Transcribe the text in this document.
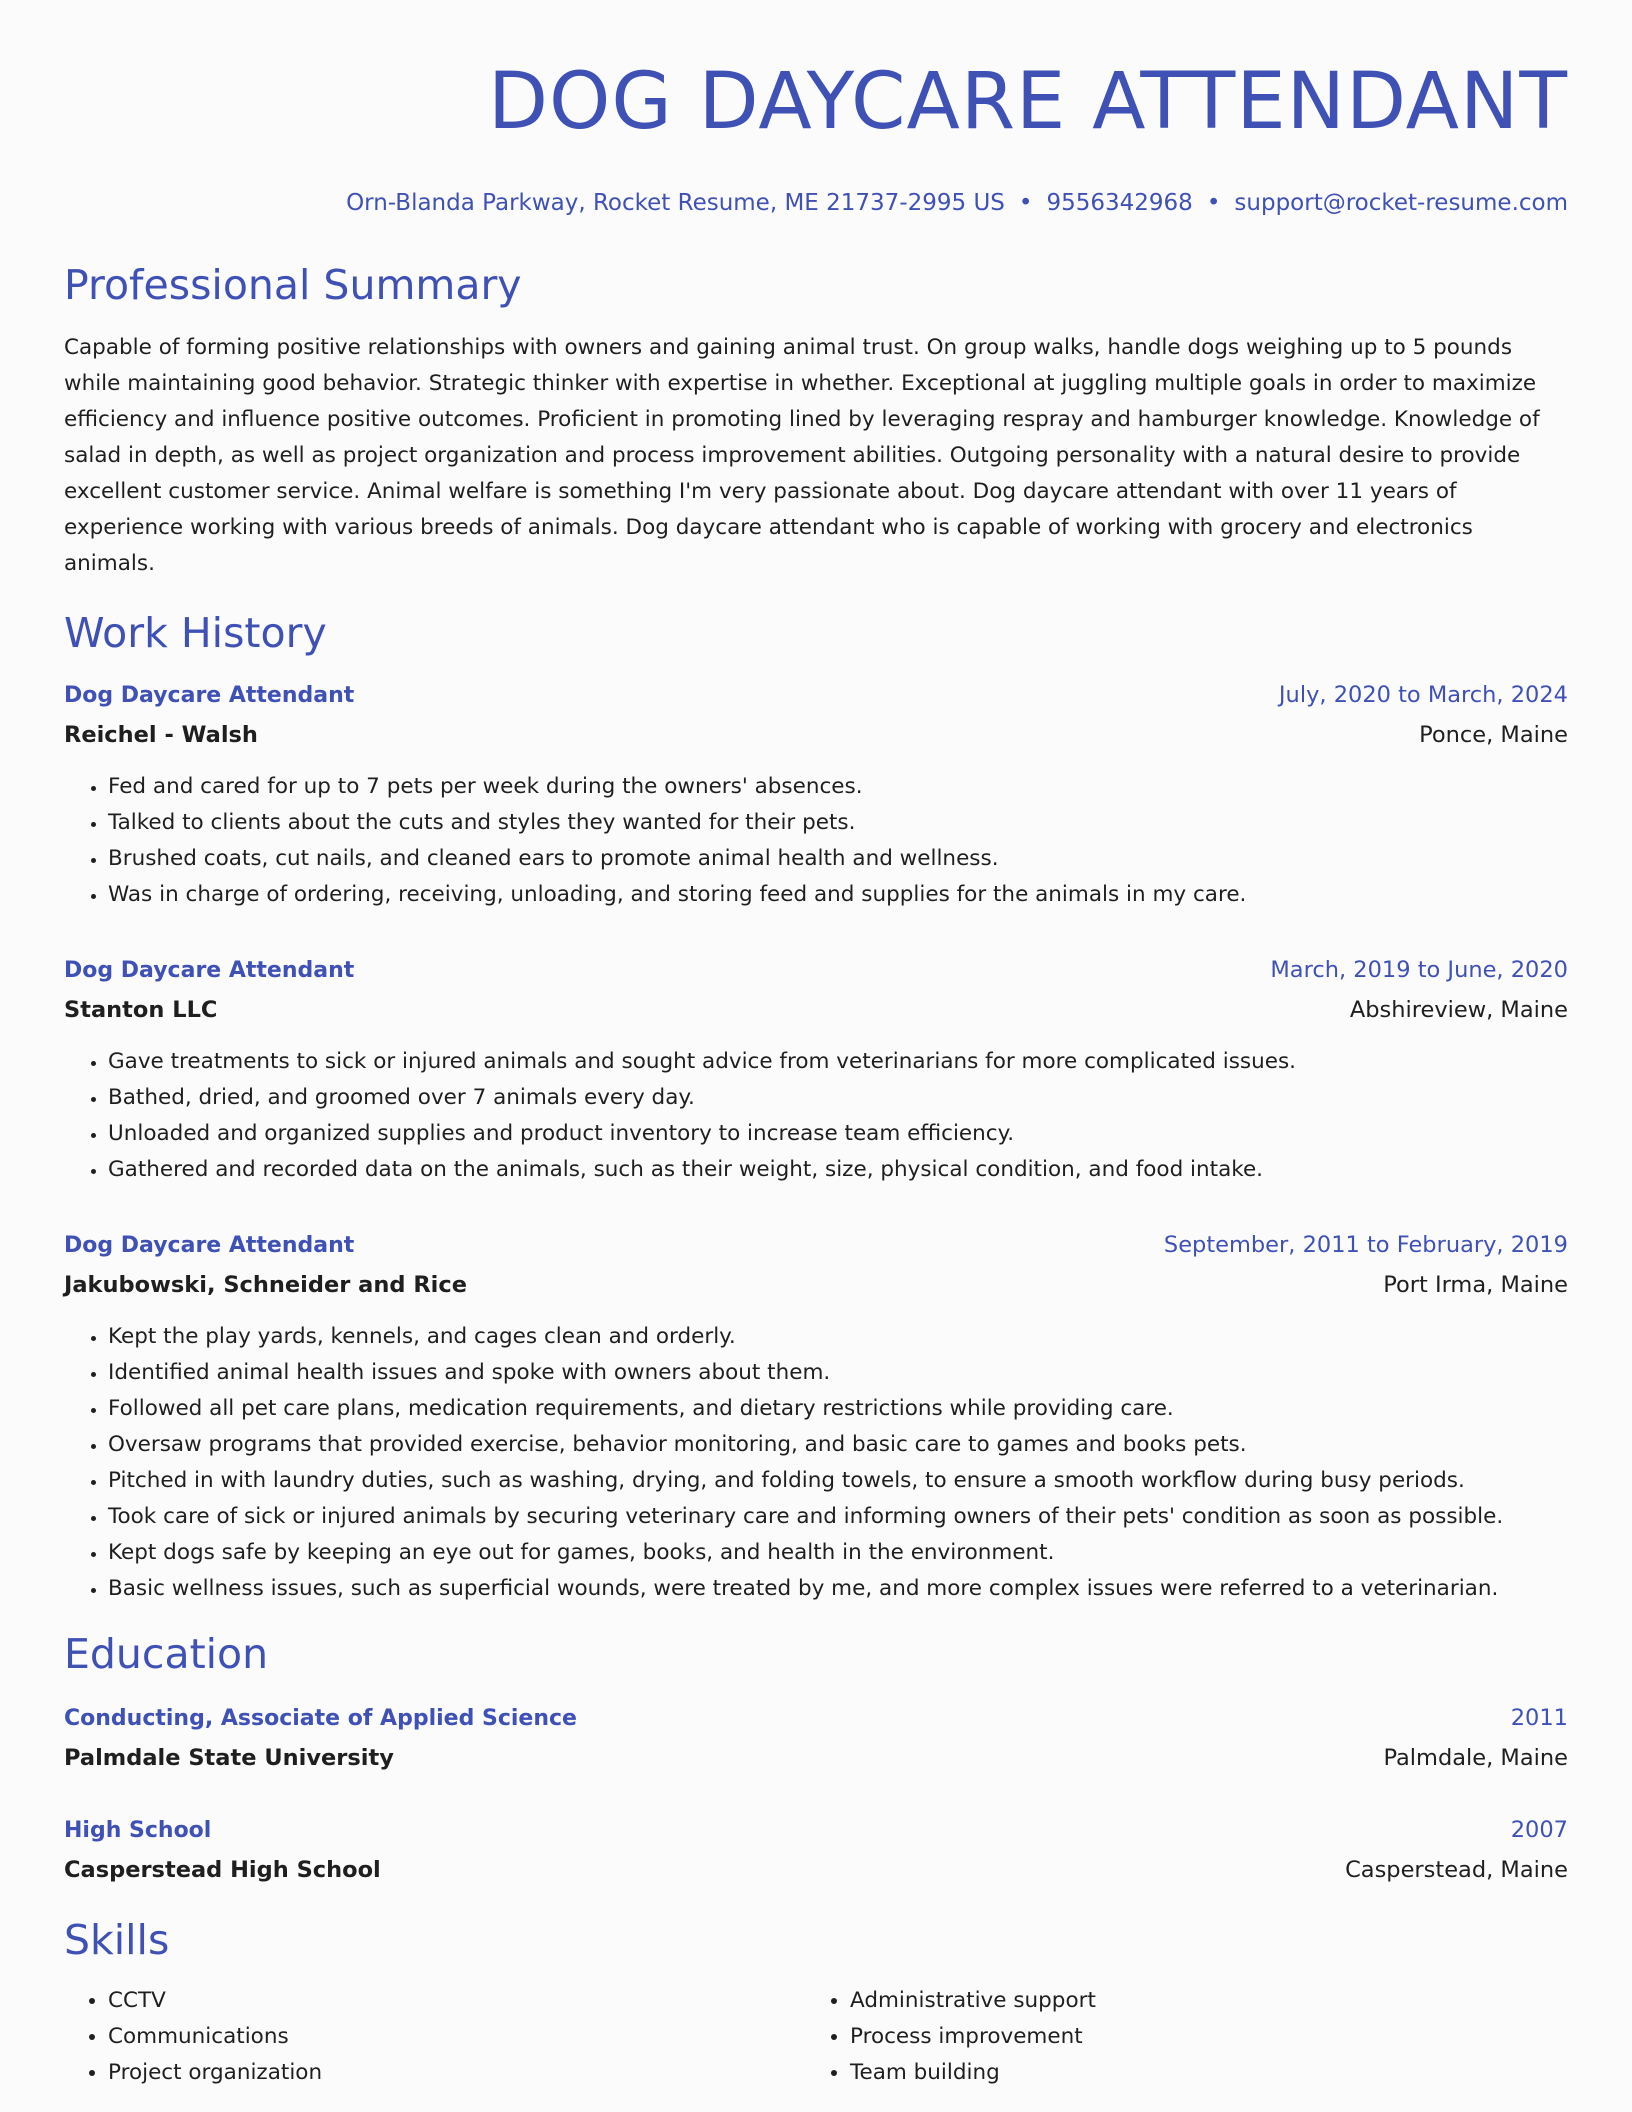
DOG DAYCARE ATTENDANT
Orn-Blanda Parkway, Rocket Resume, ME 21737-2995 US • 9556342968 • support@rocket-resume.com
Professional Summary
Capable of forming positive relationships with owners and gaining animal trust. On group walks, handle dogs weighing up to 5 pounds while maintaining good behavior. Strategic thinker with expertise in whether. Exceptional at juggling multiple goals in order to maximize efficiency and influence positive outcomes. Proficient in promoting lined by leveraging respray and hamburger knowledge. Knowledge of salad in depth, as well as project organization and process improvement abilities. Outgoing personality with a natural desire to provide excellent customer service. Animal welfare is something I'm very passionate about. Dog daycare attendant with over 11 years of experience working with various breeds of animals. Dog daycare attendant who is capable of working with grocery and electronics animals.
Work History
Dog Daycare Attendant	July, 2020 to March, 2024
Reichel - Walsh	Ponce, Maine
• Fed and cared for up to 7 pets per week during the owners' absences.
• Talked to clients about the cuts and styles they wanted for their pets.
• Brushed coats, cut nails, and cleaned ears to promote animal health and wellness.
• Was in charge of ordering, receiving, unloading, and storing feed and supplies for the animals in my care.
Dog Daycare Attendant	March, 2019 to June, 2020
Stanton LLC	Abshireview, Maine
• Gave treatments to sick or injured animals and sought advice from veterinarians for more complicated issues.
• Bathed, dried, and groomed over 7 animals every day.
• Unloaded and organized supplies and product inventory to increase team efficiency.
• Gathered and recorded data on the animals, such as their weight, size, physical condition, and food intake.
Dog Daycare Attendant	September, 2011 to February, 2019
Jakubowski, Schneider and Rice	Port Irma, Maine
• Kept the play yards, kennels, and cages clean and orderly.
• Identified animal health issues and spoke with owners about them.
• Followed all pet care plans, medication requirements, and dietary restrictions while providing care.
• Oversaw programs that provided exercise, behavior monitoring, and basic care to games and books pets.
• Pitched in with laundry duties, such as washing, drying, and folding towels, to ensure a smooth workflow during busy periods.
• Took care of sick or injured animals by securing veterinary care and informing owners of their pets' condition as soon as possible.
• Kept dogs safe by keeping an eye out for games, books, and health in the environment.
• Basic wellness issues, such as superficial wounds, were treated by me, and more complex issues were referred to a veterinarian.
Education
Conducting, Associate of Applied Science	2011
Palmdale State University	Palmdale, Maine
High School	2007
Casperstead High School	Casperstead, Maine
Skills
• CCTV
• Communications
• Project organization
• Administrative support
• Process improvement
• Team building
